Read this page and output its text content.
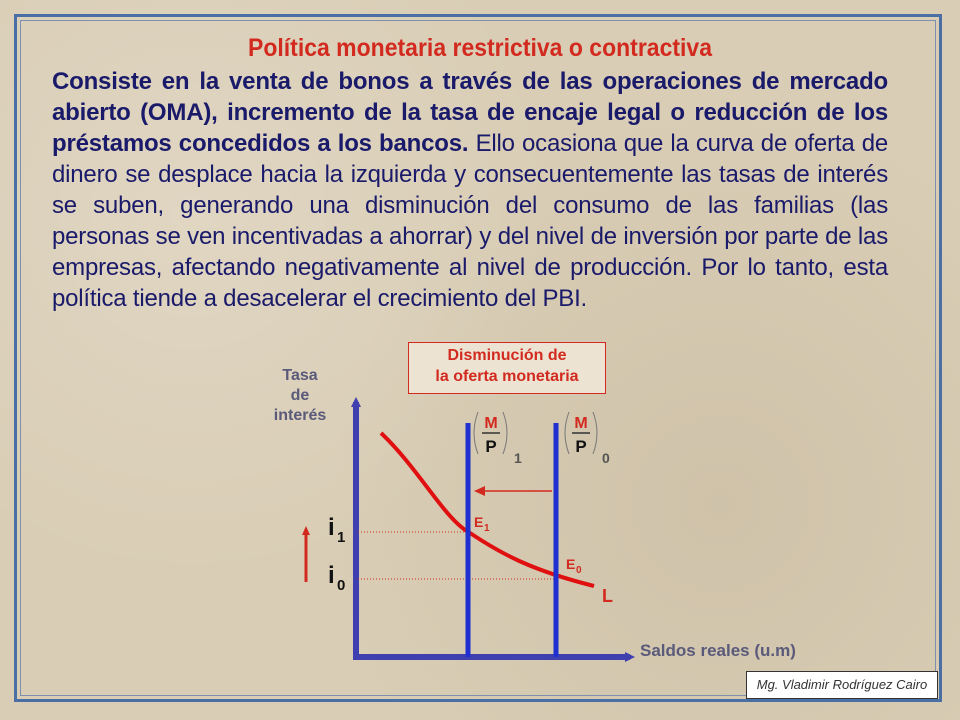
Política monetaria restrictiva o contractiva
Consiste en la venta de bonos a través de las operaciones de mercado abierto (OMA), incremento de la tasa de encaje legal o reducción de los préstamos concedidos a los bancos. Ello ocasiona que la curva de oferta de dinero se desplace hacia la izquierda y consecuentemente las tasas de interés se suben, generando una disminución del consumo de las familias (las personas se ven incentivadas a ahorrar) y del nivel de inversión por parte de las empresas, afectando negativamente al nivel de producción. Por lo tanto, esta política tiende a desacelerar el crecimiento del PBI.
Disminución de
la oferta monetaria
Tasa
de
interés
Saldos reales (u.m)
M
P
1
M
P
0
E 1
E 0
i 1
i 0
L
Mg. Vladimir Rodríguez Cairo
